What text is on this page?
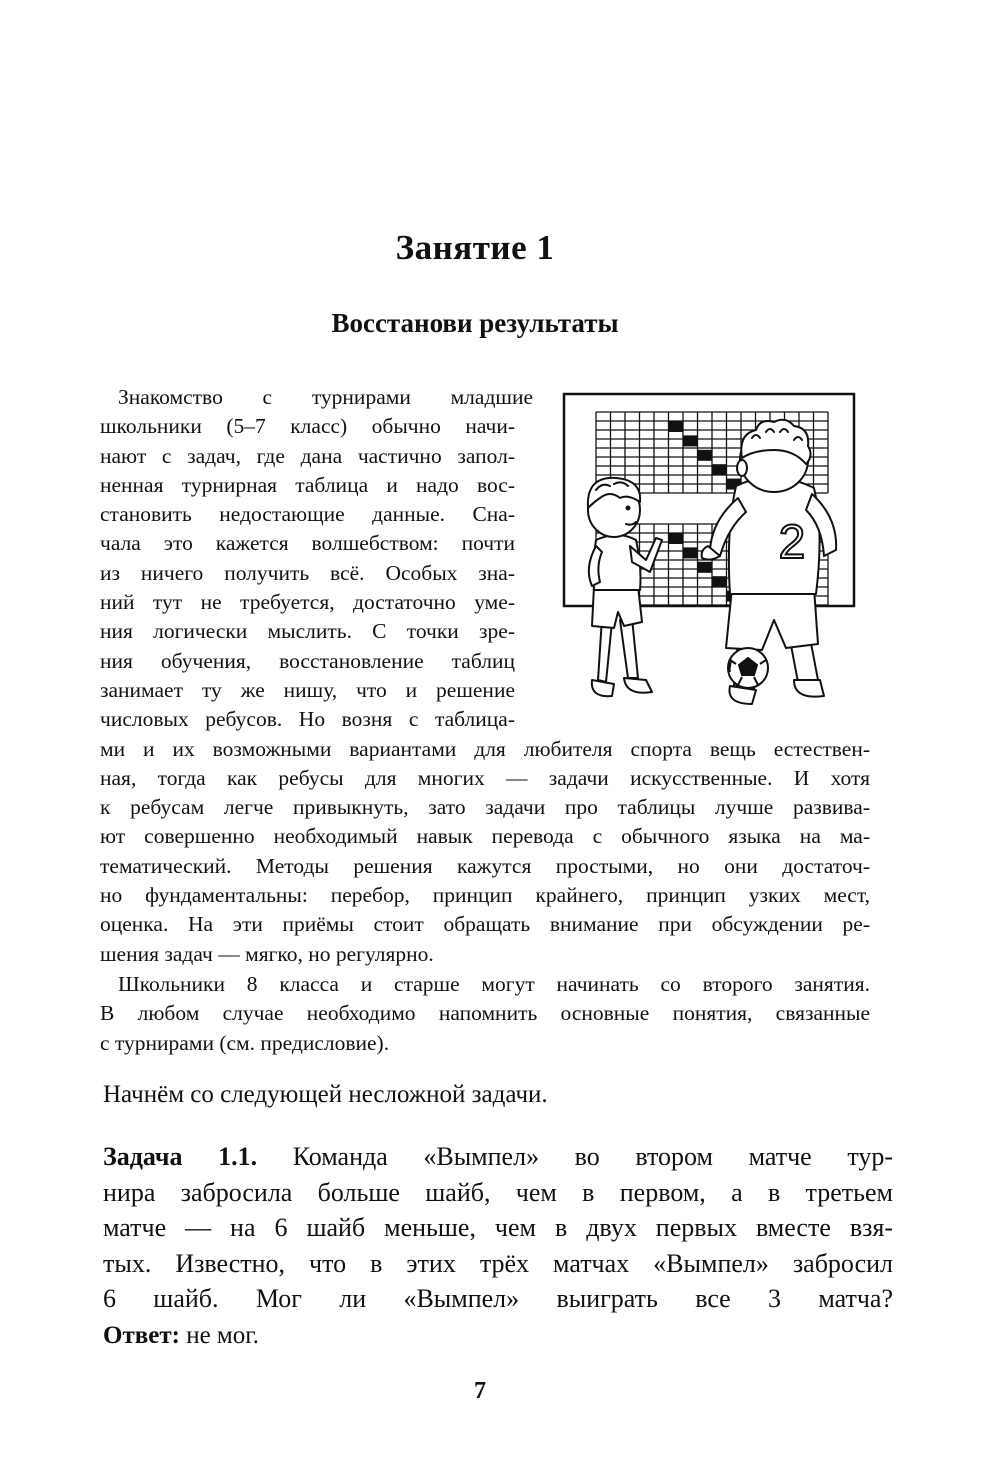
Занятие 1
Восстанови результаты
2
Знакомство с турнирами младшие
школьники (5–7 класс) обычно начи-
нают с задач, где дана частично запол-
ненная турнирная таблица и надо вос-
становить недостающие данные. Сна-
чала это кажется волшебством: почти
из ничего получить всё. Особых зна-
ний тут не требуется, достаточно уме-
ния логически мыслить. С точки зре-
ния обучения, восстановление таблиц
занимает ту же нишу, что и решение
числовых ребусов. Но возня с таблица-
ми и их возможными вариантами для любителя спорта вещь естествен-
ная, тогда как ребусы для многих — задачи искусственные. И хотя
к ребусам легче привыкнуть, зато задачи про таблицы лучше развива-
ют совершенно необходимый навык перевода с обычного языка на ма-
тематический. Методы решения кажутся простыми, но они достаточ-
но фундаментальны: перебор, принцип крайнего, принцип узких мест,
оценка. На эти приёмы стоит обращать внимание при обсуждении ре-
шения задач — мягко, но регулярно.
Школьники 8 класса и старше могут начинать со второго занятия.
В любом случае необходимо напомнить основные понятия, связанные
с турнирами (см. предисловие).
Начнём со следующей несложной задачи.
Задача 1.1. Команда «Вымпел» во втором матче тур-
нира забросила больше шайб, чем в первом, а в третьем
матче — на 6 шайб меньше, чем в двух первых вместе взя-
тых. Известно, что в этих трёх матчах «Вымпел» забросил
6 шайб. Мог ли «Вымпел» выиграть все 3 матча?
Ответ: не мог.
7
